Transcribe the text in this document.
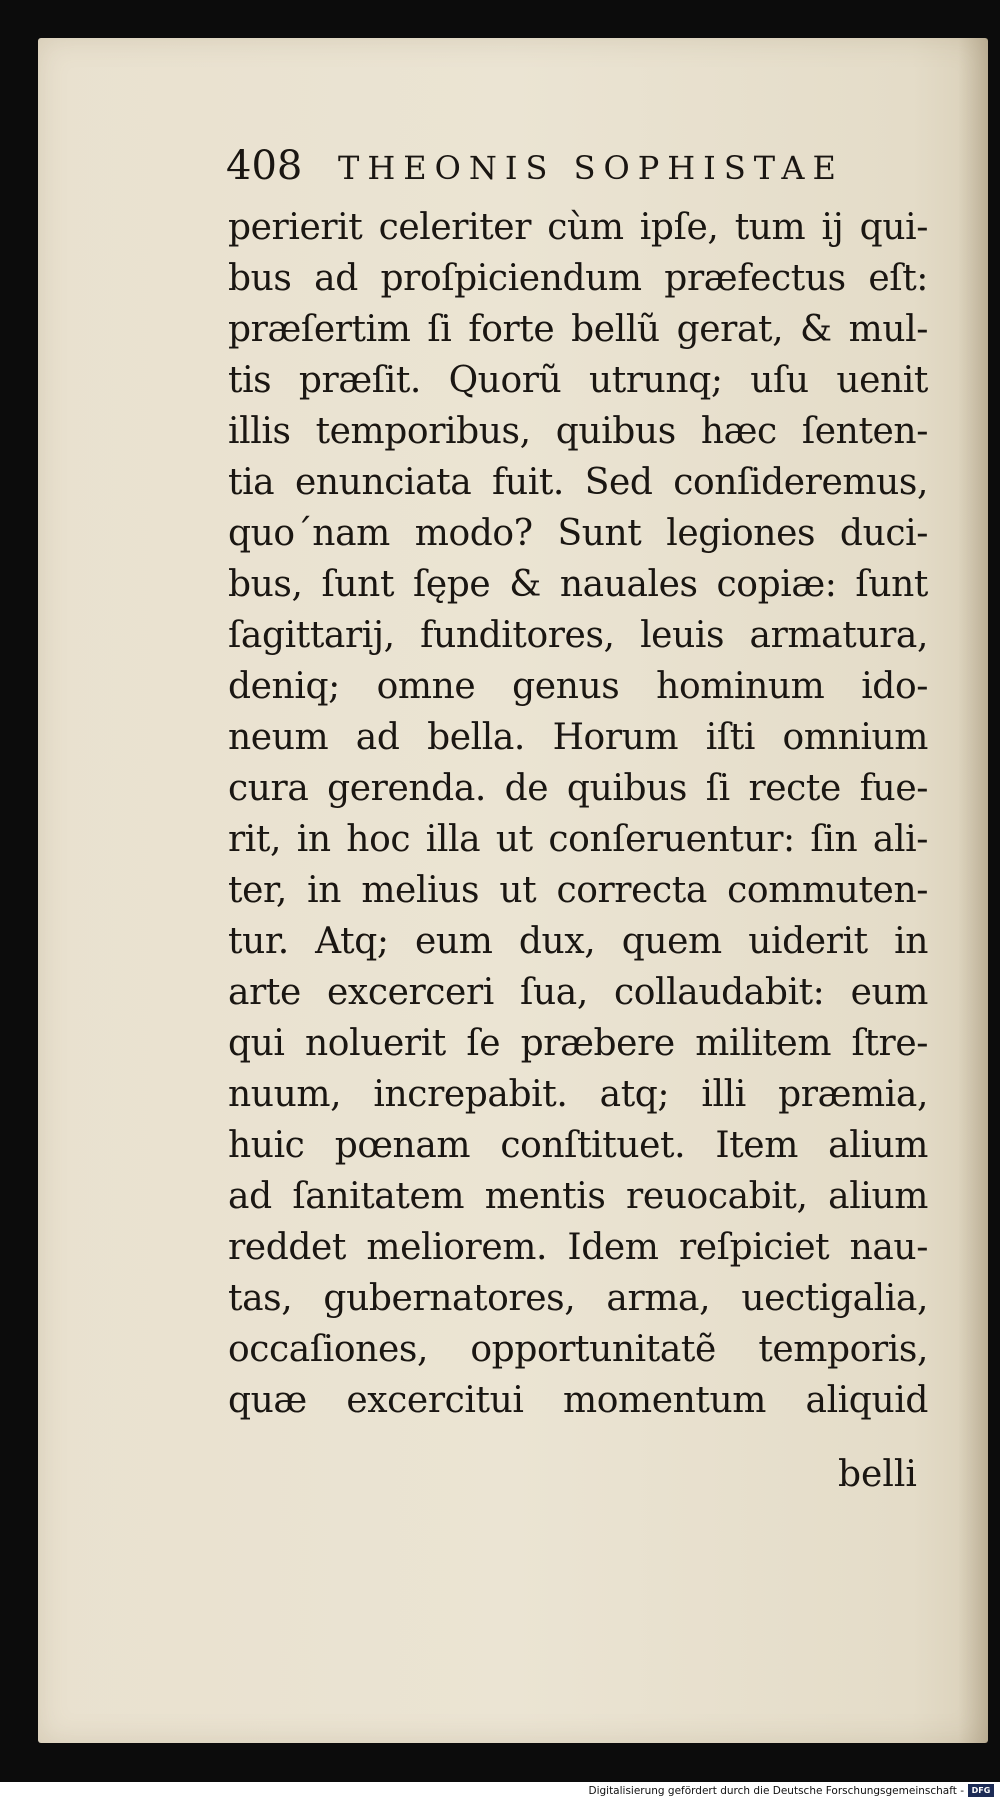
408 THEONIS SOPHISTAE
perierit celeriter cùm ipſe, tum ij qui-
bus ad proſpiciendum præfectus eſt:
præſertim ſi forte bellũ gerat, & mul-
tis præſit. Quorũ utrunq; uſu uenit
illis temporibus, quibus hæc ſenten-
tia enunciata fuit. Sed conſideremus,
quo´nam modo? Sunt legiones duci-
bus, ſunt ſępe & nauales copiæ: ſunt
ſagittarij, funditores, leuis armatura,
deniq; omne genus hominum ido-
neum ad bella. Horum iſti omnium
cura gerenda. de quibus ſi recte fue-
rit, in hoc illa ut conſeruentur: ſin ali-
ter, in melius ut correcta commuten-
tur. Atq; eum dux, quem uiderit in
arte excerceri ſua, collaudabit: eum
qui noluerit ſe præbere militem ſtre-
nuum, increpabit. atq; illi præmia,
huic pœnam conſtituet. Item alium
ad ſanitatem mentis reuocabit, alium
reddet meliorem. Idem reſpiciet nau-
tas, gubernatores, arma, uectigalia,
occaſiones, opportunitatẽ temporis,
quæ excercitui momentum aliquid
belli
Digitalisierung gefördert durch die Deutsche Forschungsgemeinschaft - DFG
